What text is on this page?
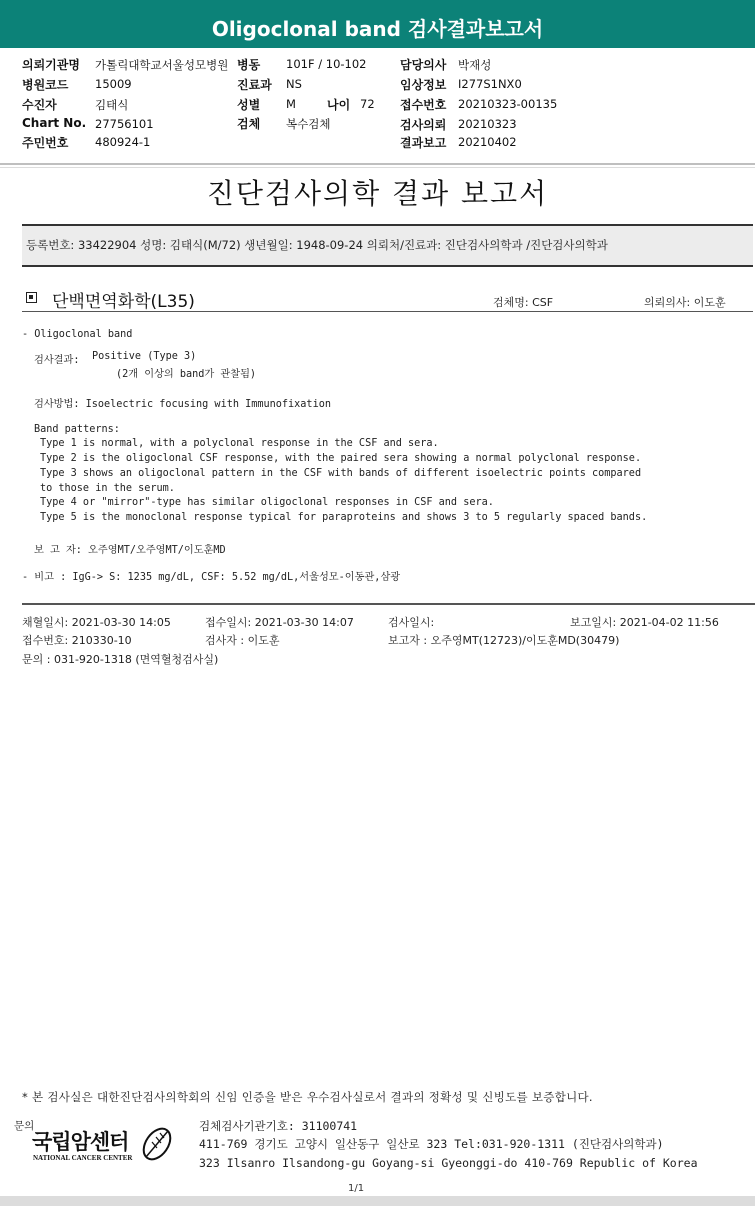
Oligoclonal band 검사결과보고서
의뢰기관명 가톨릭대학교서울성모병원
병원코드 15009
수진자	김태식
Chart No. 27756101
주민번호 480924-1
병동 101F / 10-102
진료과 NS
성별 M	나이 72
검체 복수검체
담당의사 박재성
임상정보 I277S1NX0
접수번호 20210323-00135
검사의뢰 20210323
결과보고 20210402
진단검사의학 결과 보고서
등록번호: 33422904 성명: 김태식(M/72) 생년월일: 1948-09-24 의뢰처/진료과: 진단검사의학과 /진단검사의학과
단백면역화학(L35)	검체명: CSF	의뢰의사: 이도훈
- Oligoclonal band
검사결과: Positive (Type 3)
(2개 이상의 band가 관찰됨)
검사방법: Isoelectric focusing with Immunofixation
Band patterns:
Type 1 is normal, with a polyclonal response in the CSF and sera.
Type 2 is the oligoclonal CSF response, with the paired sera showing a normal polyclonal response.
Type 3 shows an oligoclonal pattern in the CSF with bands of different isoelectric points compared
to those in the serum.
Type 4 or "mirror"-type has similar oligoclonal responses in CSF and sera.
Type 5 is the monoclonal response typical for paraproteins and shows 3 to 5 regularly spaced bands.
보 고 자: 오주영MT/오주영MT/이도훈MD
- 비고 : IgG-> S: 1235 mg/dL, CSF: 5.52 mg/dL,서울성모-이동관,삼광
채혈일시: 2021-03-30 14:05	접수일시: 2021-03-30 14:07	검사일시:	보고일시: 2021-04-02 11:56
접수번호: 210330-10	검사자 : 이도훈	보고자 : 오주영MT(12723)/이도훈MD(30479)
문의 : 031-920-1318 (면역혈청검사실)
* 본 검사실은 대한진단검사의학회의 신임 인증을 받은 우수검사실로서 결과의 정확성 및 신빙도를 보증합니다.
문의
국립암센터
NATIONAL CANCER CENTER
검체검사기관기호: 31100741
411-769 경기도 고양시 일산동구 일산로 323 Tel:031-920-1311 (진단검사의학과)
323 Ilsanro Ilsandong-gu Goyang-si Gyeonggi-do 410-769 Republic of Korea
1/1
